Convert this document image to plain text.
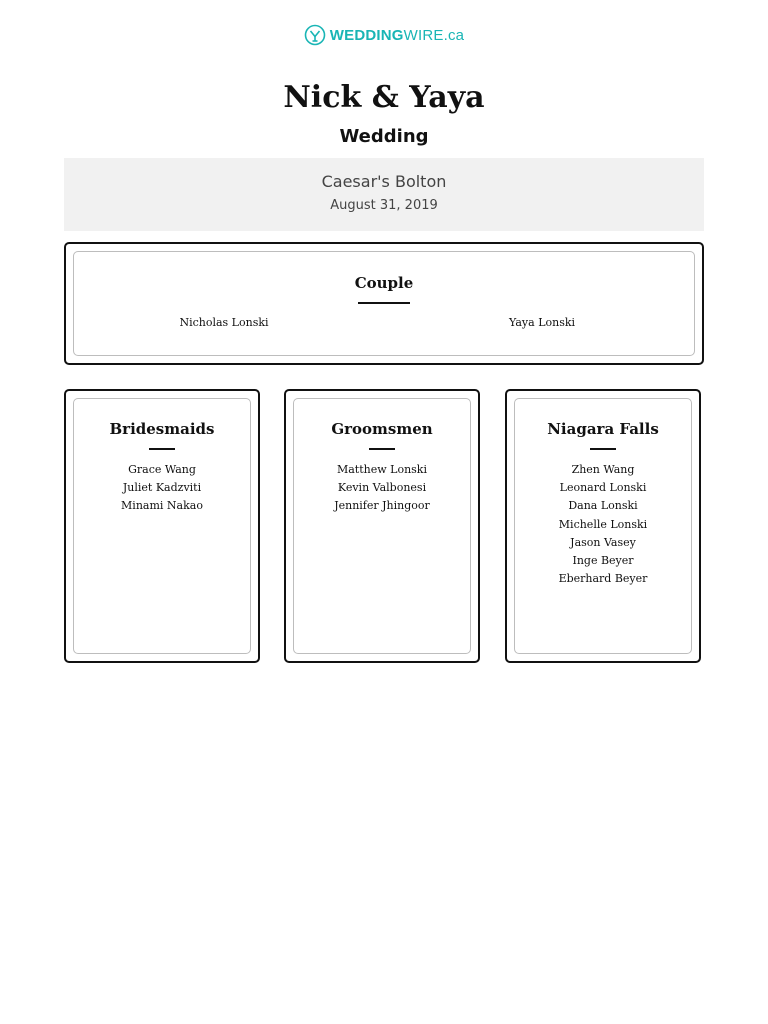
WEDDINGWIRE.ca
Nick & Yaya
Wedding
Caesar's Bolton
August 31, 2019
Couple
Nicholas Lonski	Yaya Lonski
Bridesmaids
Grace Wang
Juliet Kadzviti
Minami Nakao
Groomsmen
Matthew Lonski
Kevin Valbonesi
Jennifer Jhingoor
Niagara Falls
Zhen Wang
Leonard Lonski
Dana Lonski
Michelle Lonski
Jason Vasey
Inge Beyer
Eberhard Beyer
